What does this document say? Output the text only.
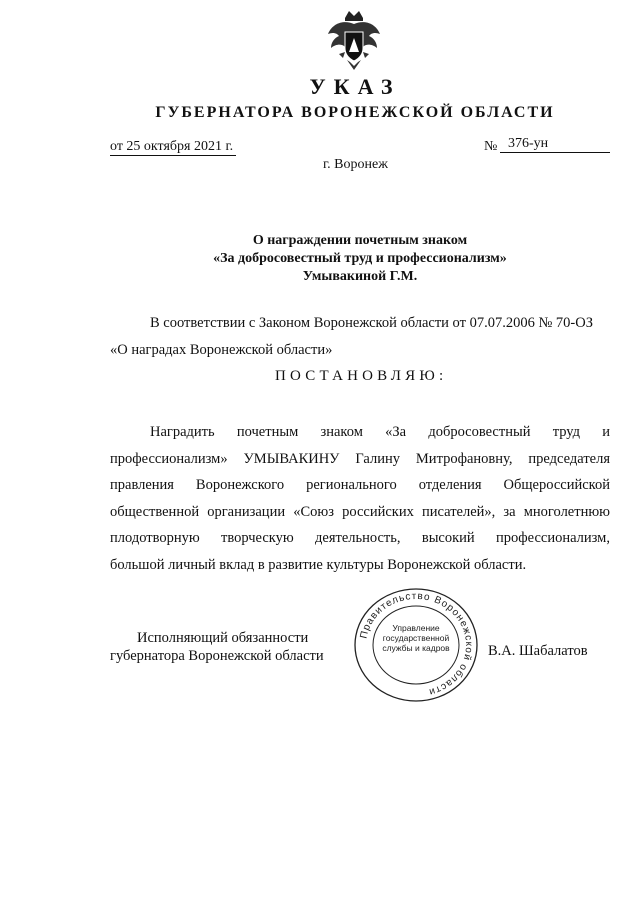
УКАЗ
ГУБЕРНАТОРА ВОРОНЕЖСКОЙ ОБЛАСТИ
от 25 октября 2021 г.	№ 376-ун
г. Воронеж
О награждении почетным знаком
«За добросовестный труд и профессионализм»
Умывакиной Г.М.
В соответствии с Законом Воронежской области от 07.07.2006 № 70-ОЗ
«О наградах Воронежской области»
ПОСТАНОВЛЯЮ:
Наградить почетным знаком «За добросовестный труд и
профессионализм» УМЫВАКИНУ Галину Митрофановну, председателя
правления Воронежского регионального отделения Общероссийской
общественной организации «Союз российских писателей», за многолетнюю
плодотворную творческую деятельность, высокий профессионализм,
большой личный вклад в развитие культуры Воронежской области.
Исполняющий обязанности
губернатора Воронежской области
Правительство Воронежской области
Управление
государственной
службы и кадров	В.А. Шабалатов
